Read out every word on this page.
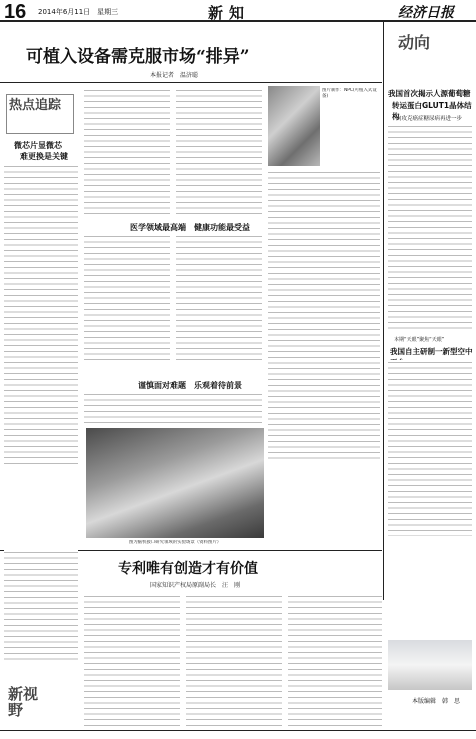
16 2014年6月11日　星期三	新知	经济日报
可植入设备需克服市场“排异”
本报记者　温济聪
热点追踪
微芯片显微芯
难更换是关键
图片制作：NPC(可植入式设备)
医学领域最高端　健康功能最受益
谨慎面对难题　乐观着待前景
图为脑机接口研究领域的实验场景（资料图片）
动向
我国首次揭示人源葡萄糖
转运蛋白GLUT1晶体结构
向攻克癌症糖尿病再进一步
本期“天眼”聚焦“天眼”
我国自主研制一新型空中
专利唯有创造才有价值
国家知识产权局原副局长　汪　刚
新视野	本版编辑　韩　思
